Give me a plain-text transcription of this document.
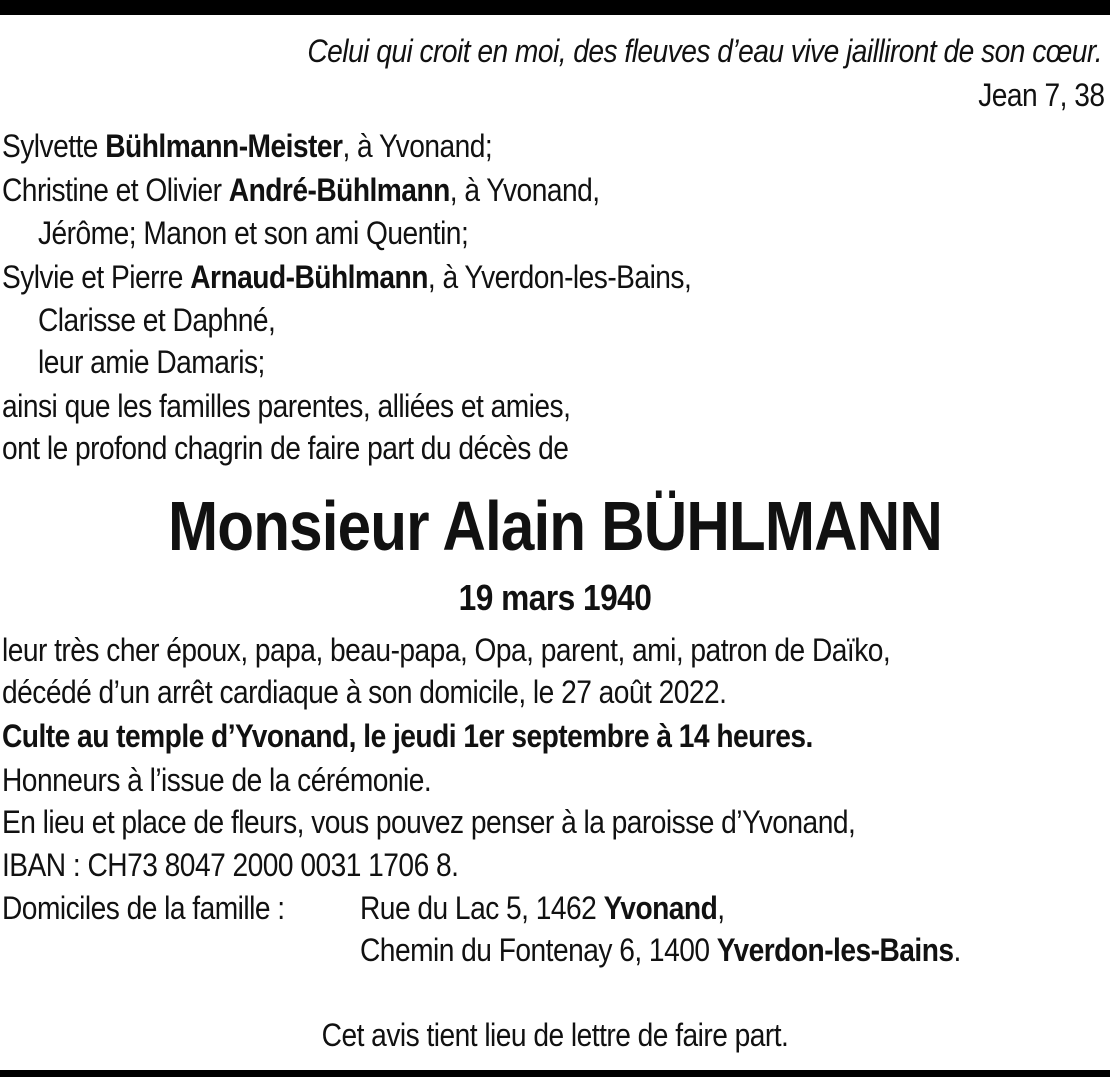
Celui qui croit en moi, des fleuves d’eau vive jailliront de son cœur.
Jean 7, 38
Sylvette Bühlmann-Meister, à Yvonand;
Christine et Olivier André-Bühlmann, à Yvonand,
Jérôme; Manon et son ami Quentin;
Sylvie et Pierre Arnaud-Bühlmann, à Yverdon-les-Bains,
Clarisse et Daphné,
leur amie Damaris;
ainsi que les familles parentes, alliées et amies,
ont le profond chagrin de faire part du décès de
Monsieur Alain BÜHLMANN
19 mars 1940
leur très cher époux, papa, beau-papa, Opa, parent, ami, patron de Daïko,
décédé d’un arrêt cardiaque à son domicile, le 27 août 2022.
Culte au temple d’Yvonand, le jeudi 1er septembre à 14 heures.
Honneurs à l’issue de la cérémonie.
En lieu et place de fleurs, vous pouvez penser à la paroisse d’Yvonand,
IBAN : CH73 8047 2000 0031 1706 8.
Domiciles de la famille : Rue du Lac 5, 1462 Yvonand,
Chemin du Fontenay 6, 1400 Yverdon-les-Bains.
Cet avis tient lieu de lettre de faire part.
